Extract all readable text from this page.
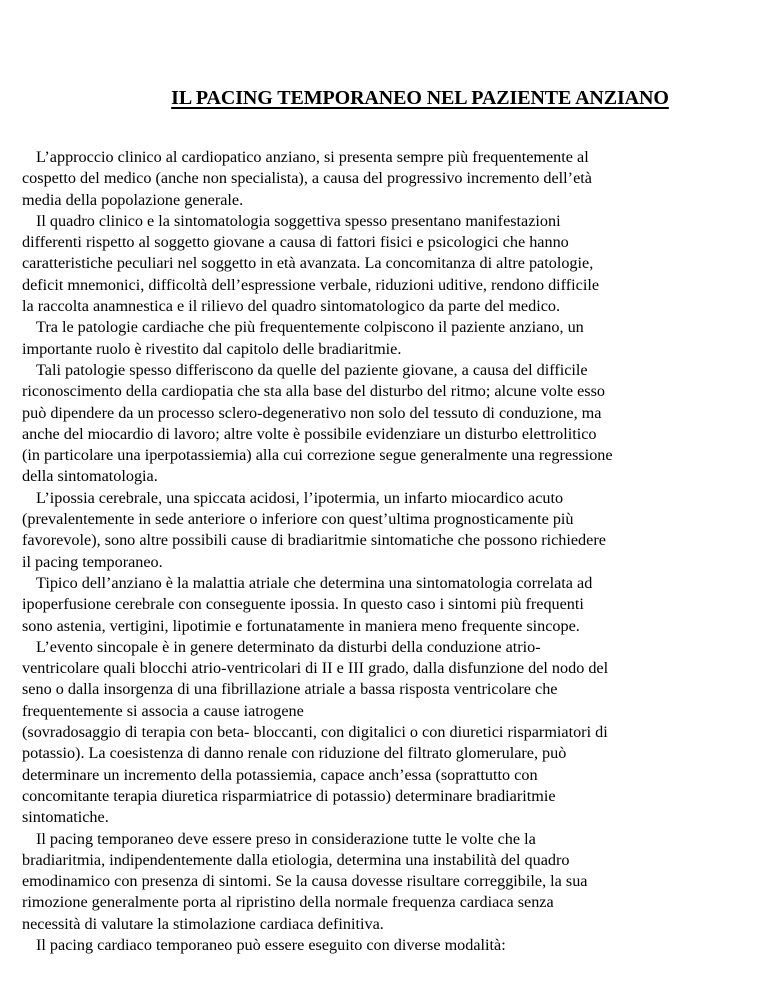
IL PACING TEMPORANEO NEL PAZIENTE ANZIANO
L’approccio clinico al cardiopatico anziano, si presenta sempre più frequentemente al
cospetto del medico (anche non specialista), a causa del progressivo incremento dell’età
media della popolazione generale.
Il quadro clinico e la sintomatologia soggettiva spesso presentano manifestazioni
differenti rispetto al soggetto giovane a causa di fattori fisici e psicologici che hanno
caratteristiche peculiari nel soggetto in età avanzata. La concomitanza di altre patologie,
deficit mnemonici, difficoltà dell’espressione verbale, riduzioni uditive, rendono difficile
la raccolta anamnestica e il rilievo del quadro sintomatologico da parte del medico.
Tra le patologie cardiache che più frequentemente colpiscono il paziente anziano, un
importante ruolo è rivestito dal capitolo delle bradiaritmie.
Tali patologie spesso differiscono da quelle del paziente giovane, a causa del difficile
riconoscimento della cardiopatia che sta alla base del disturbo del ritmo; alcune volte esso
può dipendere da un processo sclero-degenerativo non solo del tessuto di conduzione, ma
anche del miocardio di lavoro; altre volte è possibile evidenziare un disturbo elettrolitico
(in particolare una iperpotassiemia) alla cui correzione segue generalmente una regressione
della sintomatologia.
L’ipossia cerebrale, una spiccata acidosi, l’ipotermia, un infarto miocardico acuto
(prevalentemente in sede anteriore o inferiore con quest’ultima prognosticamente più
favorevole), sono altre possibili cause di bradiaritmie sintomatiche che possono richiedere
il pacing temporaneo.
Tipico dell’anziano è la malattia atriale che determina una sintomatologia correlata ad
ipoperfusione cerebrale con conseguente ipossia. In questo caso i sintomi più frequenti
sono astenia, vertigini, lipotimie e fortunatamente in maniera meno frequente sincope.
L’evento sincopale è in genere determinato da disturbi della conduzione atrio-
ventricolare quali blocchi atrio-ventricolari di II e III grado, dalla disfunzione del nodo del
seno o dalla insorgenza di una fibrillazione atriale a bassa risposta ventricolare che
frequentemente si associa a cause iatrogene
(sovradosaggio di terapia con beta- bloccanti, con digitalici o con diuretici risparmiatori di
potassio). La coesistenza di danno renale con riduzione del filtrato glomerulare, può
determinare un incremento della potassiemia, capace anch’essa (soprattutto con
concomitante terapia diuretica risparmiatrice di potassio) determinare bradiaritmie
sintomatiche.
Il pacing temporaneo deve essere preso in considerazione tutte le volte che la
bradiaritmia, indipendentemente dalla etiologia, determina una instabilità del quadro
emodinamico con presenza di sintomi. Se la causa dovesse risultare correggibile, la sua
rimozione generalmente porta al ripristino della normale frequenza cardiaca senza
necessità di valutare la stimolazione cardiaca definitiva.
Il pacing cardiaco temporaneo può essere eseguito con diverse modalità:
